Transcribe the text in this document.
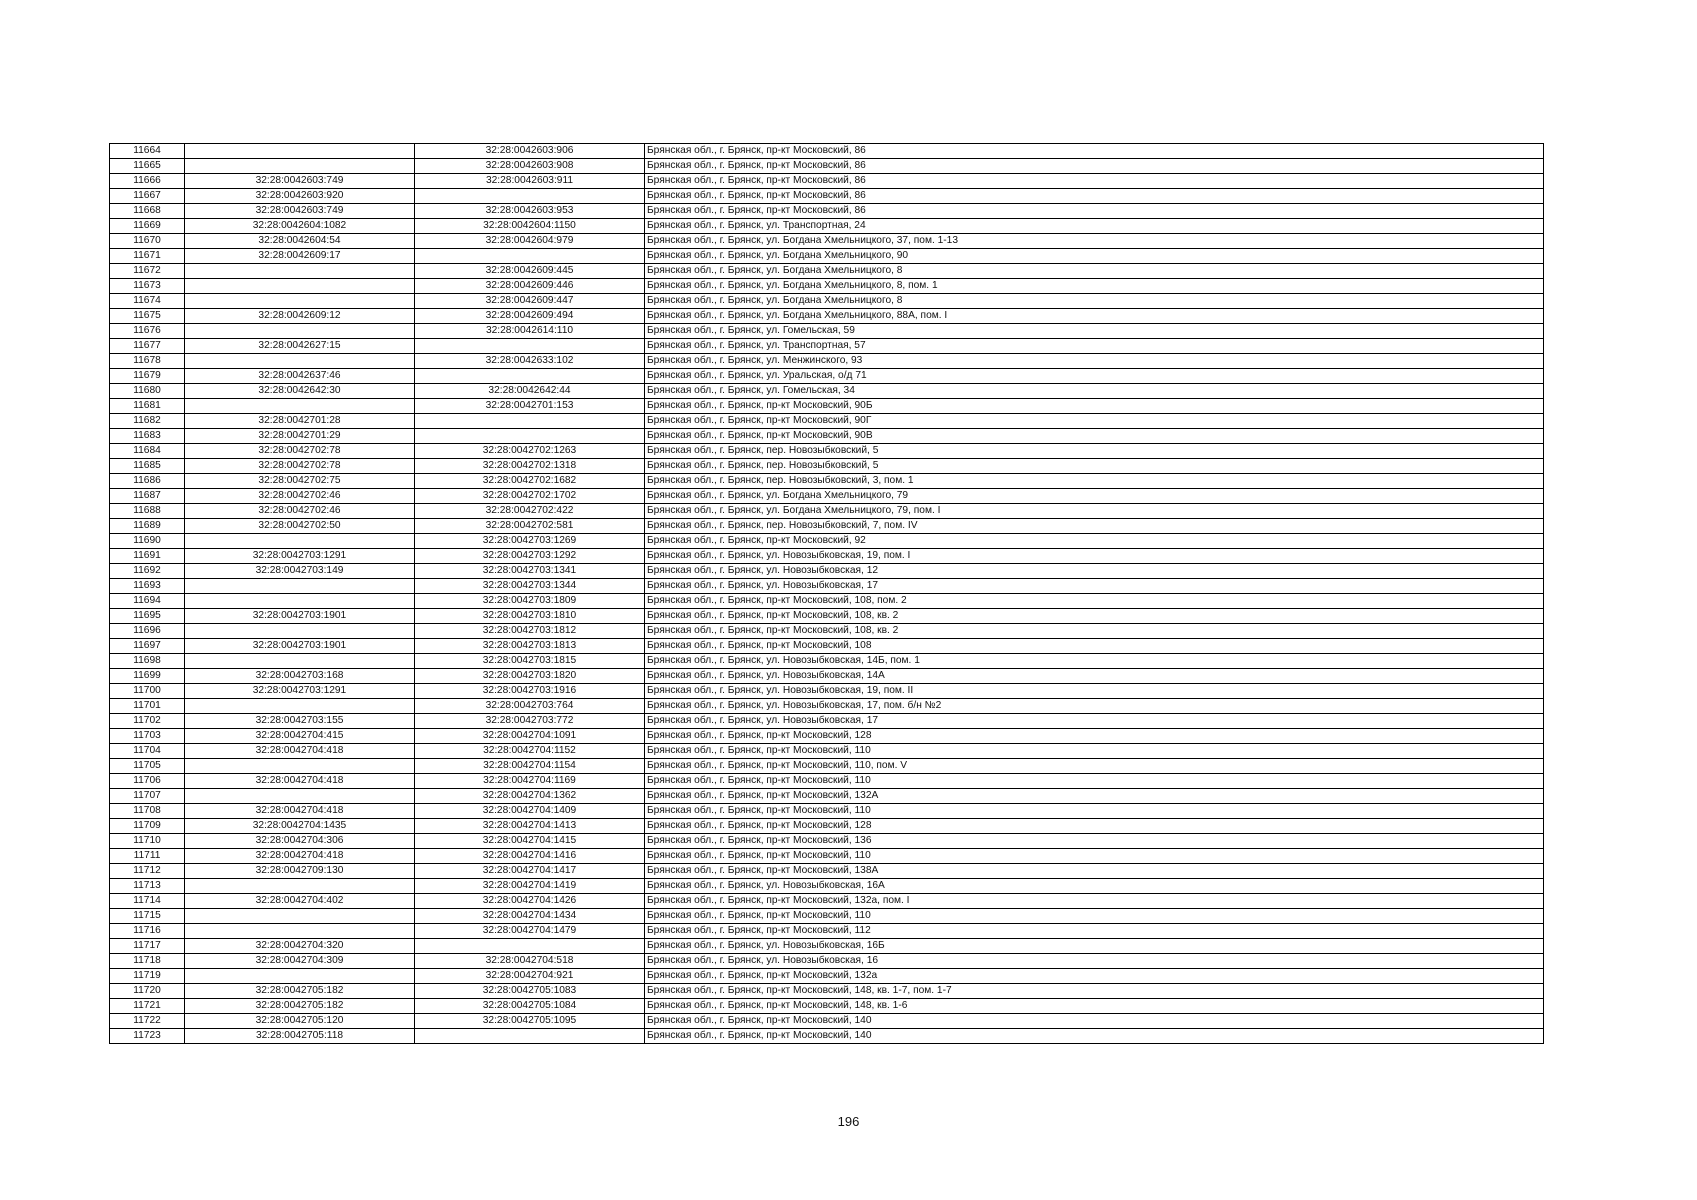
11664		32:28:0042603:906	Брянская обл., г. Брянск, пр-кт Московский, 86
11665		32:28:0042603:908	Брянская обл., г. Брянск, пр-кт Московский, 86
11666	32:28:0042603:749	32:28:0042603:911	Брянская обл., г. Брянск, пр-кт Московский, 86
11667	32:28:0042603:920		Брянская обл., г. Брянск, пр-кт Московский, 86
11668	32:28:0042603:749	32:28:0042603:953	Брянская обл., г. Брянск, пр-кт Московский, 86
11669	32:28:0042604:1082	32:28:0042604:1150	Брянская обл., г. Брянск, ул. Транспортная, 24
11670	32:28:0042604:54	32:28:0042604:979	Брянская обл., г. Брянск, ул. Богдана Хмельницкого, 37, пом. 1-13
11671	32:28:0042609:17		Брянская обл., г. Брянск, ул. Богдана Хмельницкого, 90
11672		32:28:0042609:445	Брянская обл., г. Брянск, ул. Богдана Хмельницкого, 8
11673		32:28:0042609:446	Брянская обл., г. Брянск, ул. Богдана Хмельницкого, 8, пом. 1
11674		32:28:0042609:447	Брянская обл., г. Брянск, ул. Богдана Хмельницкого, 8
11675	32:28:0042609:12	32:28:0042609:494	Брянская обл., г. Брянск, ул. Богдана Хмельницкого, 88А, пом. I
11676		32:28:0042614:110	Брянская обл., г. Брянск, ул. Гомельская, 59
11677	32:28:0042627:15		Брянская обл., г. Брянск, ул. Транспортная, 57
11678		32:28:0042633:102	Брянская обл., г. Брянск, ул. Менжинского, 93
11679	32:28:0042637:46		Брянская обл., г. Брянск, ул. Уральская, о/д 71
11680	32:28:0042642:30	32:28:0042642:44	Брянская обл., г. Брянск, ул. Гомельская, 34
11681		32:28:0042701:153	Брянская обл., г. Брянск, пр-кт Московский, 90Б
11682	32:28:0042701:28		Брянская обл., г. Брянск, пр-кт Московский, 90Г
11683	32:28:0042701:29		Брянская обл., г. Брянск, пр-кт Московский, 90В
11684	32:28:0042702:78	32:28:0042702:1263	Брянская обл., г. Брянск, пер. Новозыбковский, 5
11685	32:28:0042702:78	32:28:0042702:1318	Брянская обл., г. Брянск, пер. Новозыбковский, 5
11686	32:28:0042702:75	32:28:0042702:1682	Брянская обл., г. Брянск, пер. Новозыбковский, 3, пом. 1
11687	32:28:0042702:46	32:28:0042702:1702	Брянская обл., г. Брянск, ул. Богдана Хмельницкого, 79
11688	32:28:0042702:46	32:28:0042702:422	Брянская обл., г. Брянск, ул. Богдана Хмельницкого, 79, пом. I
11689	32:28:0042702:50	32:28:0042702:581	Брянская обл., г. Брянск, пер. Новозыбковский, 7, пом. IV
11690		32:28:0042703:1269	Брянская обл., г. Брянск, пр-кт Московский, 92
11691	32:28:0042703:1291	32:28:0042703:1292	Брянская обл., г. Брянск, ул. Новозыбковская, 19, пом. I
11692	32:28:0042703:149	32:28:0042703:1341	Брянская обл., г. Брянск, ул. Новозыбковская, 12
11693		32:28:0042703:1344	Брянская обл., г. Брянск, ул. Новозыбковская, 17
11694		32:28:0042703:1809	Брянская обл., г. Брянск, пр-кт Московский, 108, пом. 2
11695	32:28:0042703:1901	32:28:0042703:1810	Брянская обл., г. Брянск, пр-кт Московский, 108, кв. 2
11696		32:28:0042703:1812	Брянская обл., г. Брянск, пр-кт Московский, 108, кв. 2
11697	32:28:0042703:1901	32:28:0042703:1813	Брянская обл., г. Брянск, пр-кт Московский, 108
11698		32:28:0042703:1815	Брянская обл., г. Брянск, ул. Новозыбковская, 14Б, пом. 1
11699	32:28:0042703:168	32:28:0042703:1820	Брянская обл., г. Брянск, ул. Новозыбковская, 14А
11700	32:28:0042703:1291	32:28:0042703:1916	Брянская обл., г. Брянск, ул. Новозыбковская, 19, пом. II
11701		32:28:0042703:764	Брянская обл., г. Брянск, ул. Новозыбковская, 17, пом. б/н №2
11702	32:28:0042703:155	32:28:0042703:772	Брянская обл., г. Брянск, ул. Новозыбковская, 17
11703	32:28:0042704:415	32:28:0042704:1091	Брянская обл., г. Брянск, пр-кт Московский, 128
11704	32:28:0042704:418	32:28:0042704:1152	Брянская обл., г. Брянск, пр-кт Московский, 110
11705		32:28:0042704:1154	Брянская обл., г. Брянск, пр-кт Московский, 110, пом. V
11706	32:28:0042704:418	32:28:0042704:1169	Брянская обл., г. Брянск, пр-кт Московский, 110
11707		32:28:0042704:1362	Брянская обл., г. Брянск, пр-кт Московский, 132А
11708	32:28:0042704:418	32:28:0042704:1409	Брянская обл., г. Брянск, пр-кт Московский, 110
11709	32:28:0042704:1435	32:28:0042704:1413	Брянская обл., г. Брянск, пр-кт Московский, 128
11710	32:28:0042704:306	32:28:0042704:1415	Брянская обл., г. Брянск, пр-кт Московский, 136
11711	32:28:0042704:418	32:28:0042704:1416	Брянская обл., г. Брянск, пр-кт Московский, 110
11712	32:28:0042709:130	32:28:0042704:1417	Брянская обл., г. Брянск, пр-кт Московский, 138А
11713		32:28:0042704:1419	Брянская обл., г. Брянск, ул. Новозыбковская, 16А
11714	32:28:0042704:402	32:28:0042704:1426	Брянская обл., г. Брянск, пр-кт Московский, 132а, пом. I
11715		32:28:0042704:1434	Брянская обл., г. Брянск, пр-кт Московский, 110
11716		32:28:0042704:1479	Брянская обл., г. Брянск, пр-кт Московский, 112
11717	32:28:0042704:320		Брянская обл., г. Брянск, ул. Новозыбковская, 16Б
11718	32:28:0042704:309	32:28:0042704:518	Брянская обл., г. Брянск, ул. Новозыбковская, 16
11719		32:28:0042704:921	Брянская обл., г. Брянск, пр-кт Московский, 132а
11720	32:28:0042705:182	32:28:0042705:1083	Брянская обл., г. Брянск, пр-кт Московский, 148, кв. 1-7, пом. 1-7
11721	32:28:0042705:182	32:28:0042705:1084	Брянская обл., г. Брянск, пр-кт Московский, 148, кв. 1-6
11722	32:28:0042705:120	32:28:0042705:1095	Брянская обл., г. Брянск, пр-кт Московский, 140
11723	32:28:0042705:118		Брянская обл., г. Брянск, пр-кт Московский, 140
196
